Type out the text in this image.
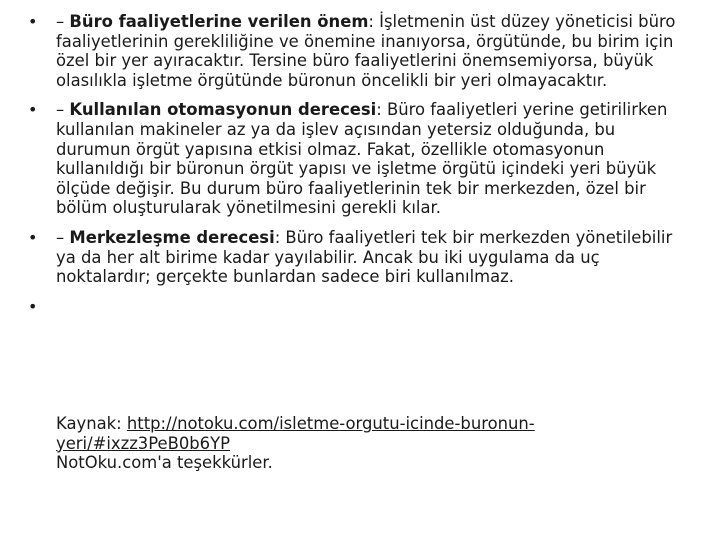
• – Büro faaliyetlerine verilen önem: İşletmenin üst düzey yöneticisi büro faaliyetlerinin gerekliliğine ve önemine inanıyorsa, örgütünde, bu birim için özel bir yer ayıracaktır. Tersine büro faaliyetlerini önemsemiyorsa, büyük olasılıkla işletme örgütünde büronun öncelikli bir yeri olmayacaktır.
• – Kullanılan otomasyonun derecesi: Büro faaliyetleri yerine getirilirken kullanılan makineler az ya da işlev açısından yetersiz olduğunda, bu durumun örgüt yapısına etkisi olmaz. Fakat, özellikle otomasyonun kullanıldığı bir büronun örgüt yapısı ve işletme örgütü içindeki yeri büyük ölçüde değişir. Bu durum büro faaliyetlerinin tek bir merkezden, özel bir bölüm oluşturularak yönetilmesini gerekli kılar.
• – Merkezleşme derecesi: Büro faaliyetleri tek bir merkezden yönetilebilir ya da her alt birime kadar yayılabilir. Ancak bu iki uygulama da uç noktalardır; gerçekte bunlardan sadece biri kullanılmaz.
•
Kaynak: http://notoku.com/isletme-orgutu-icinde-buronun-yeri/#ixzz3PeB0b6YP
NotOku.com'a teşekkürler.
